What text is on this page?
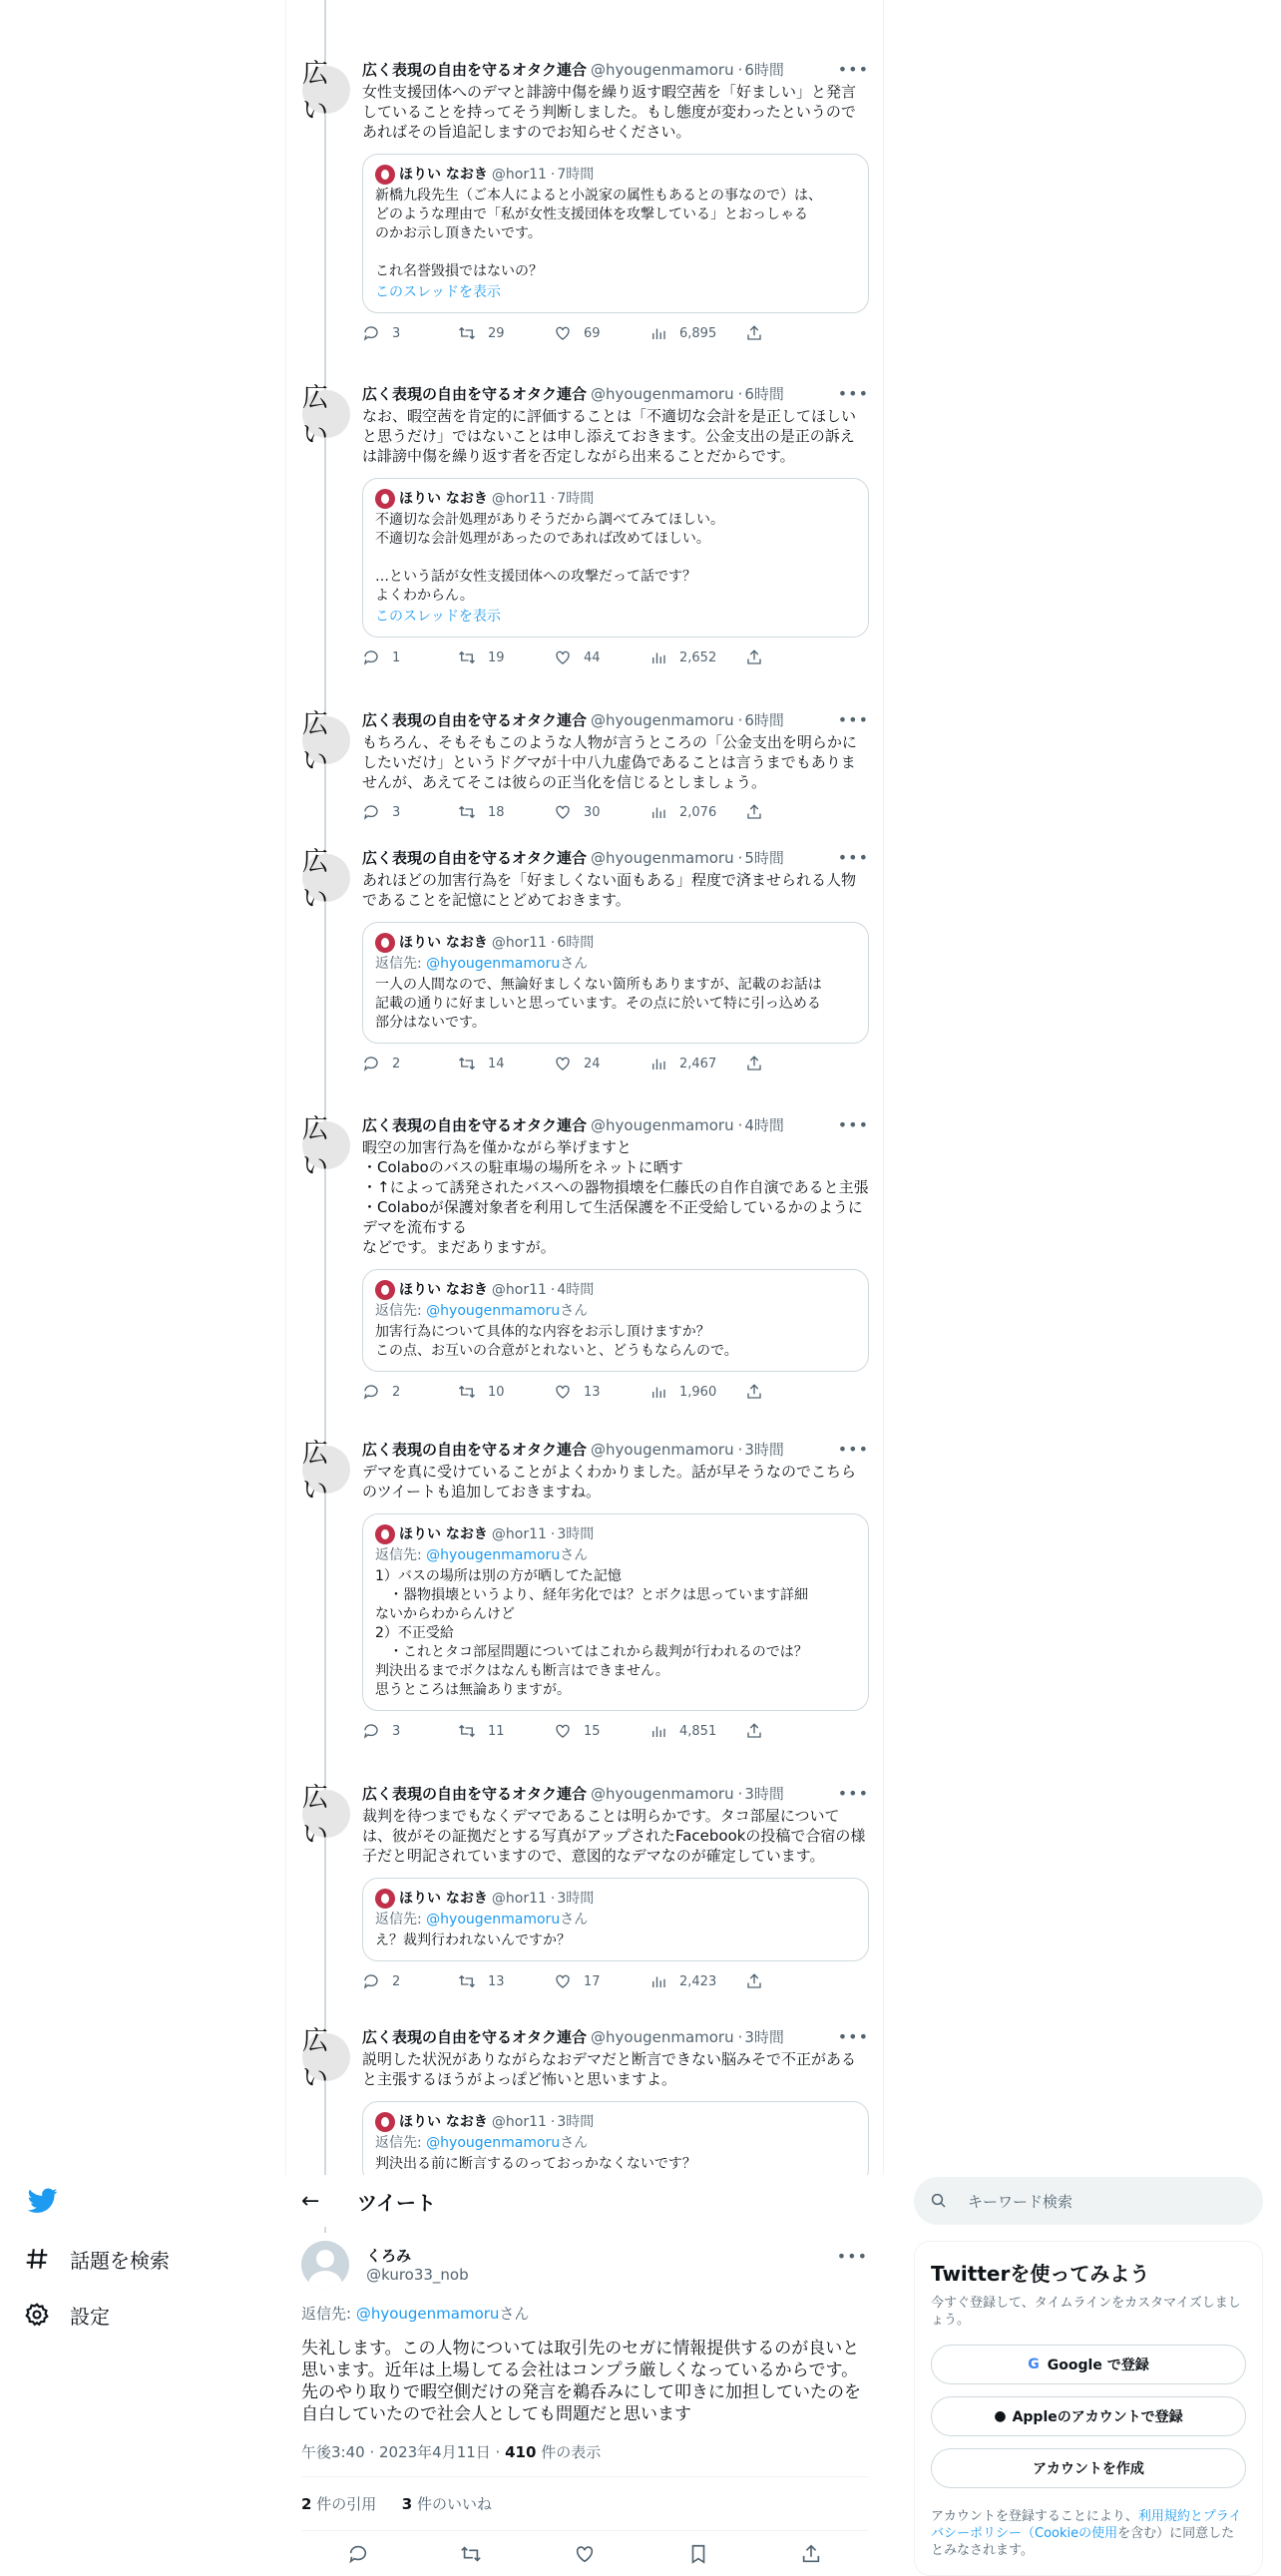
広い
広く表現の自由を守るオタク連合 @hyougenmamoru · 6時間	•••
女性支援団体へのデマと誹謗中傷を繰り返す暇空茜を「好ましい」と発言
していることを持ってそう判断しました。もし態度が変わったというので
あればその旨追記しますのでお知らせください。
ほりい なおき @hor11 · 7時間
新橋九段先生（ご本人によると小説家の属性もあるとの事なので）は、
どのような理由で「私が女性支援団体を攻撃している」とおっしゃる
のかお示し頂きたいです。

これ名誉毀損ではないの？
このスレッドを表示
3	29	69	6,895
広い
広く表現の自由を守るオタク連合 @hyougenmamoru · 6時間	•••
なお、暇空茜を肯定的に評価することは「不適切な会計を是正してほしい
と思うだけ」ではないことは申し添えておきます。公金支出の是正の訴え
は誹謗中傷を繰り返す者を否定しながら出来ることだからです。
ほりい なおき @hor11 · 7時間
不適切な会計処理がありそうだから調べてみてほしい。
不適切な会計処理があったのであれば改めてほしい。

…という話が女性支援団体への攻撃だって話です？
よくわからん。
このスレッドを表示
1	19	44	2,652
広い
広く表現の自由を守るオタク連合 @hyougenmamoru · 6時間	•••
もちろん、そもそもこのような人物が言うところの「公金支出を明らかに
したいだけ」というドグマが十中八九虚偽であることは言うまでもありま
せんが、あえてそこは彼らの正当化を信じるとしましょう。
3	18	30	2,076
広い
広く表現の自由を守るオタク連合 @hyougenmamoru · 5時間	•••
あれほどの加害行為を「好ましくない面もある」程度で済ませられる人物
であることを記憶にとどめておきます。
ほりい なおき @hor11 · 6時間
返信先: @hyougenmamoruさん
一人の人間なので、無論好ましくない箇所もありますが、記載のお話は
記載の通りに好ましいと思っています。その点に於いて特に引っ込める
部分はないです。
2	14	24	2,467
広い
広く表現の自由を守るオタク連合 @hyougenmamoru · 4時間	•••
暇空の加害行為を僅かながら挙げますと
・Colaboのバスの駐車場の場所をネットに晒す
・↑によって誘発されたバスへの器物損壊を仁藤氏の自作自演であると主張
・Colaboが保護対象者を利用して生活保護を不正受給しているかのように
デマを流布する
などです。まだありますが。
ほりい なおき @hor11 · 4時間
返信先: @hyougenmamoruさん
加害行為について具体的な内容をお示し頂けますか？
この点、お互いの合意がとれないと、どうもならんので。
2	10	13	1,960
広い
広く表現の自由を守るオタク連合 @hyougenmamoru · 3時間	•••
デマを真に受けていることがよくわかりました。話が早そうなのでこちら
のツイートも追加しておきますね。
ほりい なおき @hor11 · 3時間
返信先: @hyougenmamoruさん
1）バスの場所は別の方が晒してた記憶
　・器物損壊というより、経年劣化では？とボクは思っています詳細
ないからわからんけど
2）不正受給
　・これとタコ部屋問題についてはこれから裁判が行われるのでは？
判決出るまでボクはなんも断言はできません。
思うところは無論ありますが。
3	11	15	4,851
広い
広く表現の自由を守るオタク連合 @hyougenmamoru · 3時間	•••
裁判を待つまでもなくデマであることは明らかです。タコ部屋について
は、彼がその証拠だとする写真がアップされたFacebookの投稿で合宿の様
子だと明記されていますので、意図的なデマなのが確定しています。
ほりい なおき @hor11 · 3時間
返信先: @hyougenmamoruさん
え？裁判行われないんですか？
2	13	17	2,423
広い
広く表現の自由を守るオタク連合 @hyougenmamoru · 3時間	•••
説明した状況がありながらなおデマだと断言できない脳みそで不正がある
と主張するほうがよっぽど怖いと思いますよ。
ほりい なおき @hor11 · 3時間
返信先: @hyougenmamoruさん
判決出る前に断言するのっておっかなくないです？
話題を検索
設定
←	ツイート

くろみ
@kuro33_nob
•••
返信先: @hyougenmamoruさん
失礼します。この人物については取引先のセガに情報提供するのが良いと
思います。近年は上場してる会社はコンプラ厳しくなっているからです。
先のやり取りで暇空側だけの発言を鵜呑みにして叩きに加担していたのを
自白していたので社会人としても問題だと思います
午後3:40 · 2023年4月11日 · 410 件の表示
2 件の引用 3 件のいいね
キーワード検索
Twitterを使ってみよう
今すぐ登録して、タイムラインをカスタマイズしましょう。
G Google で登録
● Appleのアカウントで登録
アカウントを作成
アカウントを登録することにより、利用規約とプライバシーポリシー（Cookieの使用を含む）に同意したとみなされます。
